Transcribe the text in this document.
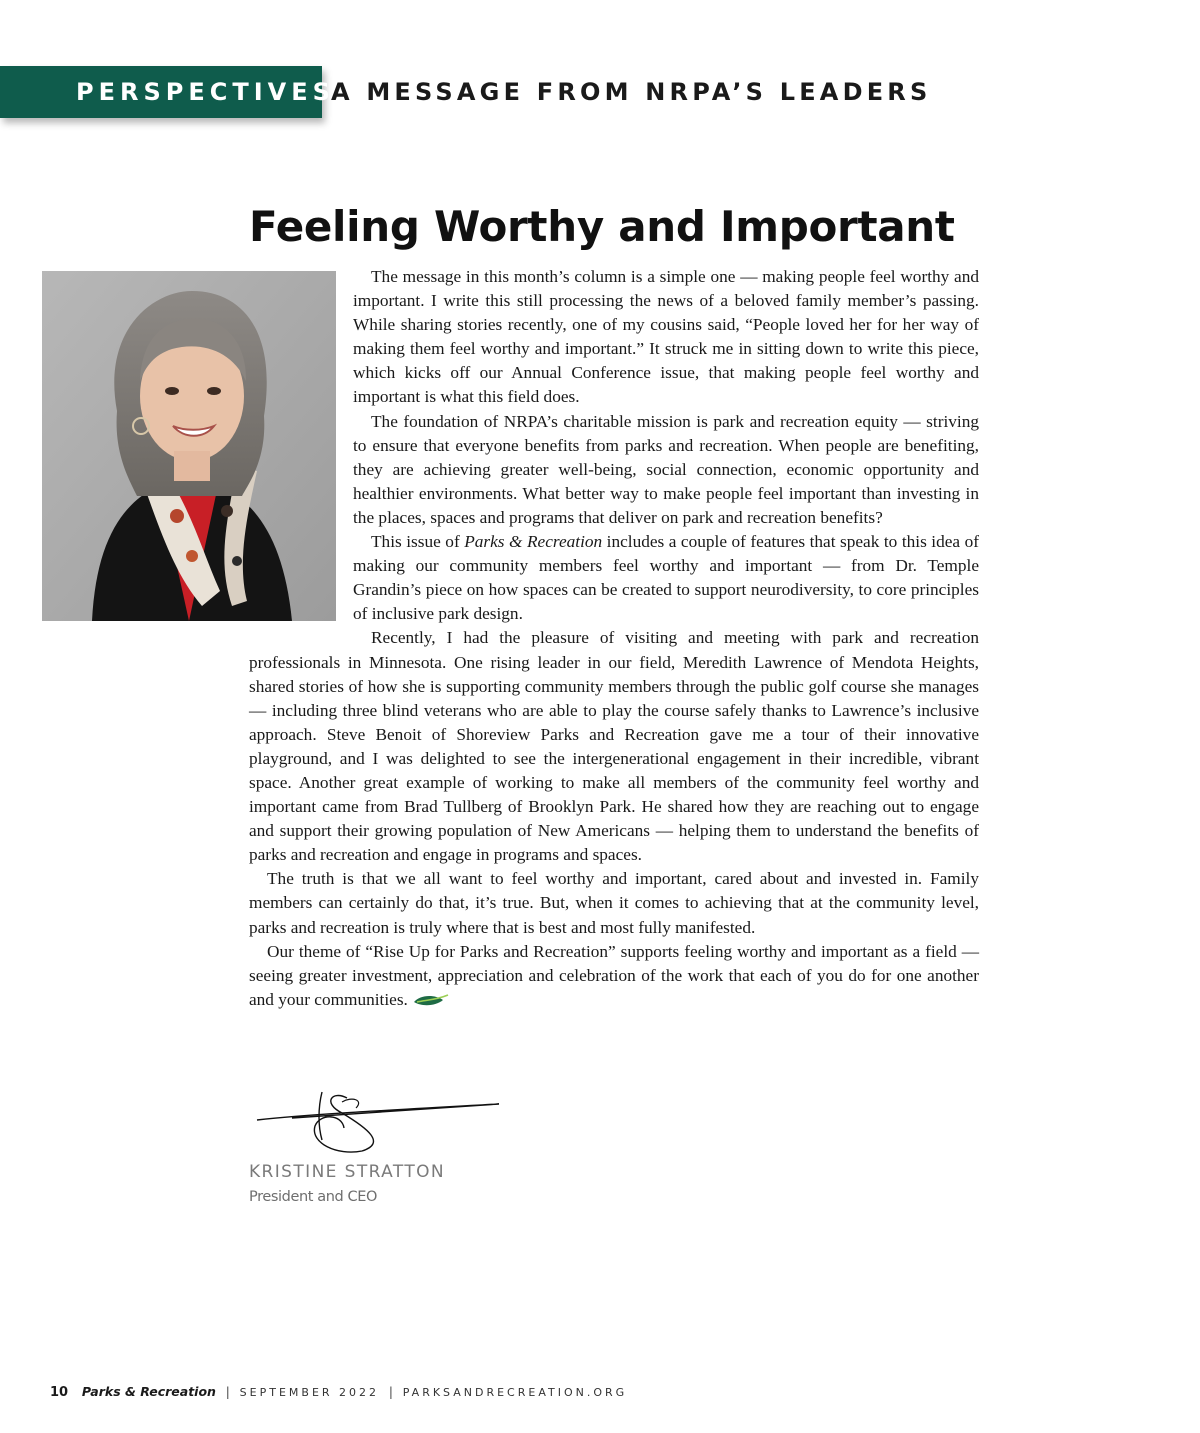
PERSPECTIVES
A MESSAGE FROM NRPA’S LEADERS
Feeling Worthy and Important

The message in this month’s column is a simple one — making people feel worthy and important. I write this still processing the news of a beloved family member’s passing. While sharing stories recently, one of my cousins said, “People loved her for her way of making them feel worthy and important.” It struck me in sitting down to write this piece, which kicks off our Annual Conference issue, that making people feel worthy and important is what this field does.

The foundation of NRPA’s charitable mission is park and recreation equity — striving to ensure that everyone benefits from parks and recreation. When people are benefiting, they are achieving greater well-being, social connection, economic opportunity and healthier environments. What better way to make people feel important than investing in the places, spaces and programs that deliver on park and recreation benefits?

This issue of Parks & Recreation includes a couple of features that speak to this idea of making our community members feel worthy and important — from Dr. Temple Grandin’s piece on how spaces can be created to support neurodiversity, to core principles of inclusive park design.

Recently, I had the pleasure of visiting and meeting with park and recreation professionals in Minnesota. One rising leader in our field, Meredith Lawrence of Mendota Heights, shared stories of how she is supporting community members through the public golf course she manages — including three blind veterans who are able to play the course safely thanks to Lawrence’s inclusive approach. Steve Benoit of Shoreview Parks and Recreation gave me a tour of their innovative playground, and I was delighted to see the intergenerational engagement in their incredible, vibrant space. Another great example of working to make all members of the community feel worthy and important came from Brad Tullberg of Brooklyn Park. He shared how they are reaching out to engage and support their growing population of New Americans — helping them to understand the benefits of parks and recreation and engage in programs and spaces.

The truth is that we all want to feel worthy and important, cared about and invested in. Family members can certainly do that, it’s true. But, when it comes to achieving that at the community level, parks and recreation is truly where that is best and most fully manifested.

Our theme of “Rise Up for Parks and Recreation” supports feeling worthy and important as a field — seeing greater investment, appreciation and celebration of the work that each of you do for one another and your communities.

KRISTINE STRATTON
President and CEO
10 Parks & Recreation | SEPTEMBER 2022 | PARKSANDRECREATION.ORG
